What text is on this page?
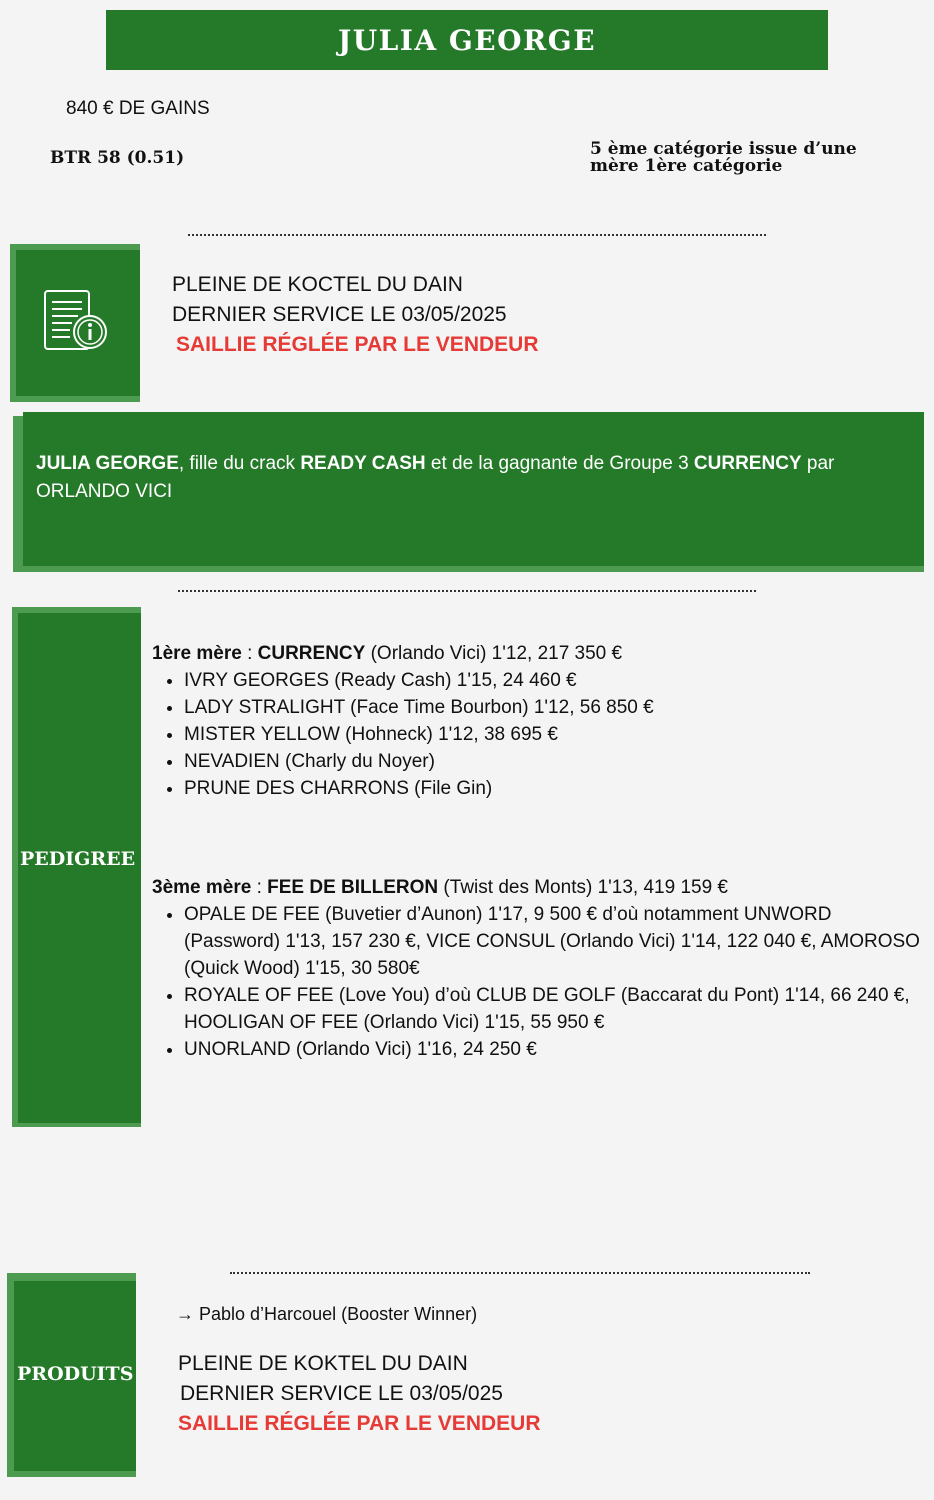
JULIA GEORGE
840 € DE GAINS
BTR 58 (0.51)	5 ème catégorie issue d’une mère 1ère catégorie
PLEINE DE KOCTEL DU DAIN
DERNIER SERVICE LE 03/05/2025
SAILLIE RÉGLÉE PAR LE VENDEUR
JULIA GEORGE, fille du crack READY CASH et de la gagnante de Groupe 3 CURRENCY par ORLANDO VICI
PEDIGREE
1ère mère : CURRENCY (Orlando Vici) 1'12, 217 350 €
• IVRY GEORGES (Ready Cash) 1'15, 24 460 €
• LADY STRALIGHT (Face Time Bourbon) 1'12, 56 850 €
• MISTER YELLOW (Hohneck) 1'12, 38 695 €
• NEVADIEN (Charly du Noyer)
• PRUNE DES CHARRONS (File Gin)
3ème mère : FEE DE BILLERON (Twist des Monts) 1'13, 419 159 €
• OPALE DE FEE (Buvetier d’Aunon) 1'17, 9 500 € d’où notamment UNWORD (Password) 1'13, 157 230 €, VICE CONSUL (Orlando Vici) 1'14, 122 040 €, AMOROSO (Quick Wood) 1'15, 30 580€
• ROYALE OF FEE (Love You) d’où CLUB DE GOLF (Baccarat du Pont) 1'14, 66 240 €, HOOLIGAN OF FEE (Orlando Vici) 1'15, 55 950 €
• UNORLAND (Orlando Vici) 1'16, 24 250 €
PRODUITS
→ Pablo d’Harcouel (Booster Winner)
PLEINE DE KOKTEL DU DAIN
DERNIER SERVICE LE 03/05/025
SAILLIE RÉGLÉE PAR LE VENDEUR
